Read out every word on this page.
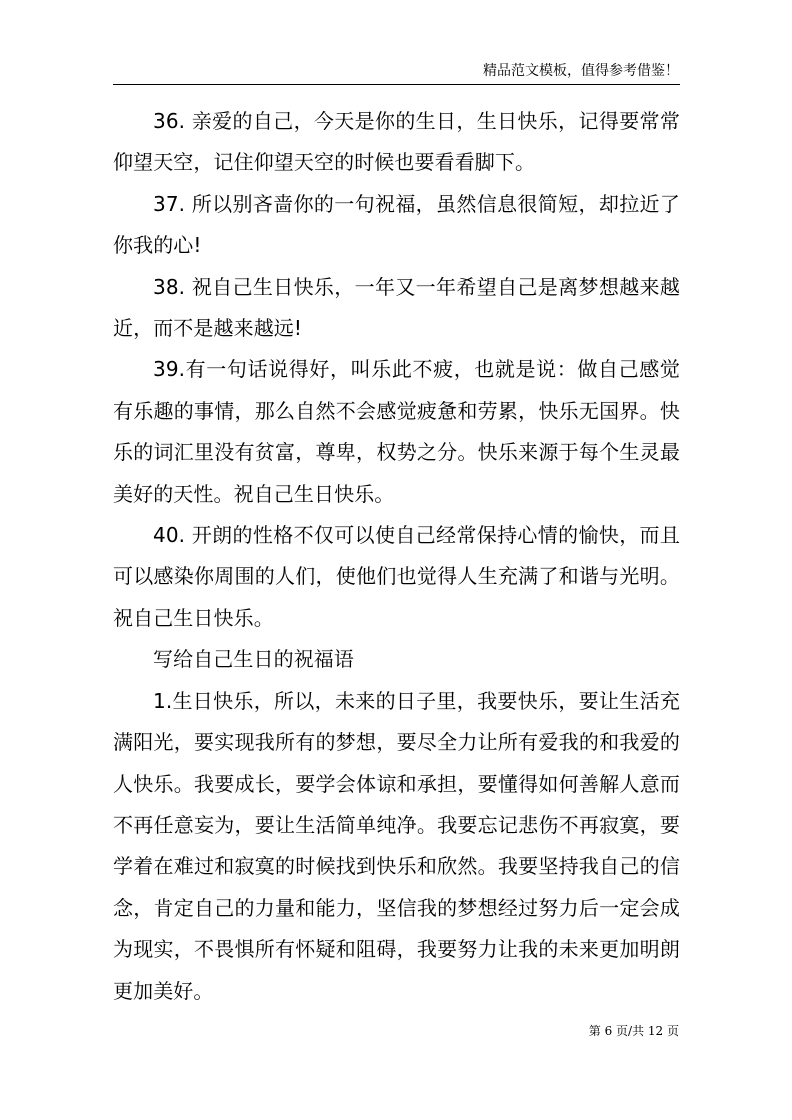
精品范文模板，值得参考借鉴！

36. 亲爱的自己，今天是你的生日，生日快乐，记得要常常仰望天空，记住仰望天空的时候也要看看脚下。

37. 所以别吝啬你的一句祝福，虽然信息很简短，却拉近了你我的心!

38. 祝自己生日快乐，一年又一年希望自己是离梦想越来越近，而不是越来越远!

39.有一句话说得好，叫乐此不疲，也就是说：做自己感觉有乐趣的事情，那么自然不会感觉疲惫和劳累，快乐无国界。快乐的词汇里没有贫富，尊卑，权势之分。快乐来源于每个生灵最美好的天性。祝自己生日快乐。

40. 开朗的性格不仅可以使自己经常保持心情的愉快，而且可以感染你周围的人们，使他们也觉得人生充满了和谐与光明。祝自己生日快乐。

写给自己生日的祝福语

1.生日快乐，所以，未来的日子里，我要快乐，要让生活充满阳光，要实现我所有的梦想，要尽全力让所有爱我的和我爱的人快乐。我要成长，要学会体谅和承担，要懂得如何善解人意而不再任意妄为，要让生活简单纯净。我要忘记悲伤不再寂寞，要学着在难过和寂寞的时候找到快乐和欣然。我要坚持我自己的信念，肯定自己的力量和能力，坚信我的梦想经过努力后一定会成为现实，不畏惧所有怀疑和阻碍，我要努力让我的未来更加明朗更加美好。

第 6 页/共 12 页
